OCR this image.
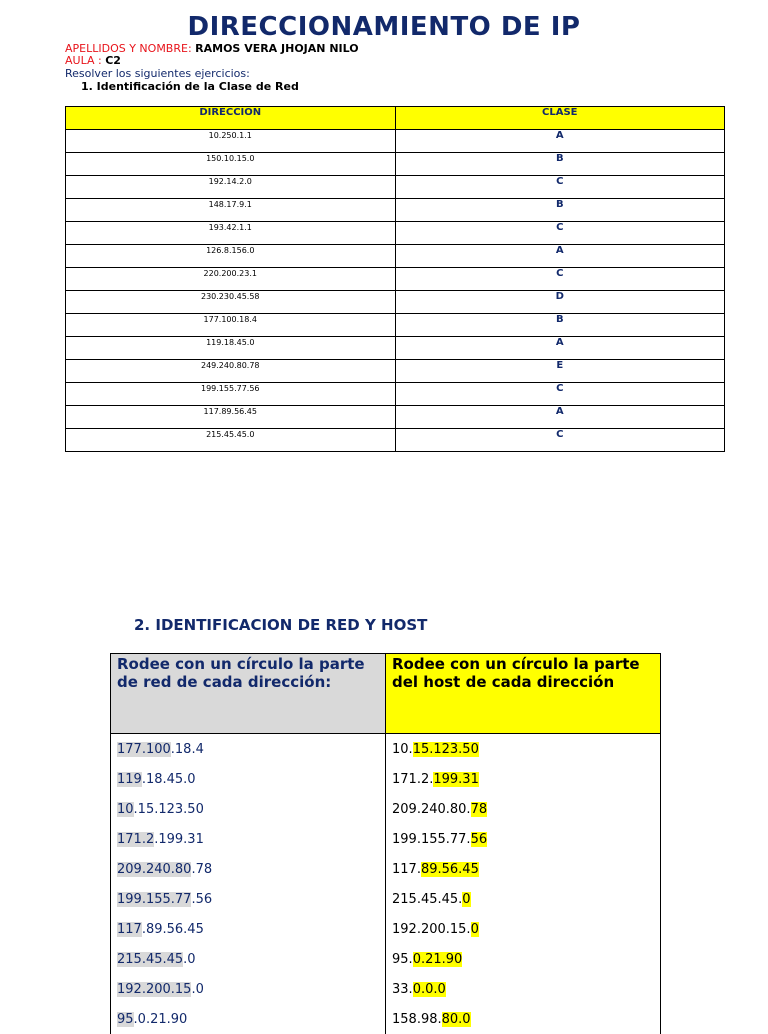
DIRECCIONAMIENTO DE IP
APELLIDOS Y NOMBRE: RAMOS VERA JHOJAN NILO
AULA : C2
Resolver los siguientes ejercicios:
1. Identificación de la Clase de Red
DIRECCION	CLASE
10.250.1.1	A
150.10.15.0	B
192.14.2.0	C
148.17.9.1	B
193.42.1.1	C
126.8.156.0	A
220.200.23.1	C
230.230.45.58	D
177.100.18.4	B
119.18.45.0	A
249.240.80.78	E
199.155.77.56	C
117.89.56.45	A
215.45.45.0	C
2. IDENTIFICACION DE RED Y HOST
Rodee con un círculo la parte de red de cada dirección:	Rodee con un círculo la parte del host de cada dirección
177.100.18.4	10.15.123.50
119.18.45.0	171.2.199.31
10.15.123.50	209.240.80.78
171.2.199.31	199.155.77.56
209.240.80.78	117.89.56.45
199.155.77.56	215.45.45.0
117.89.56.45	192.200.15.0
215.45.45.0	95.0.21.90
192.200.15.0	33.0.0.0
95.0.21.90	158.98.80.0
